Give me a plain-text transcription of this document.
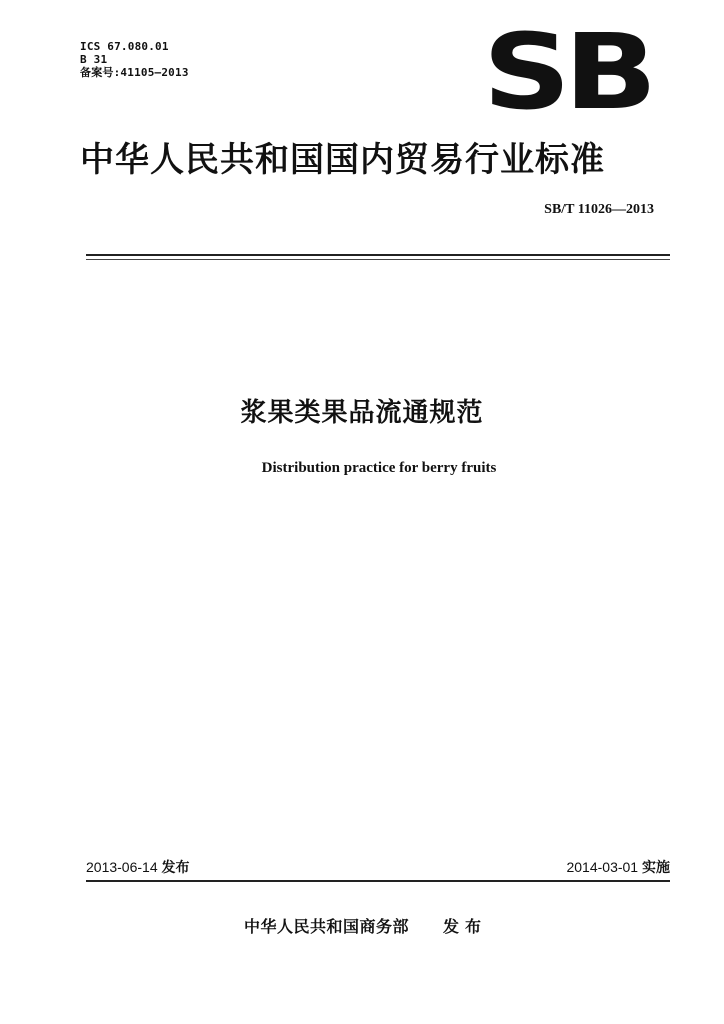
ICS 67.080.01
B 31
备案号:41105—2013	SB
中华人民共和国国内贸易行业标准
SB/T 11026—2013
浆果类果品流通规范
Distribution practice for berry fruits
2013-06-14 发布	2014-03-01 实施
中华人民共和国商务部 发布
